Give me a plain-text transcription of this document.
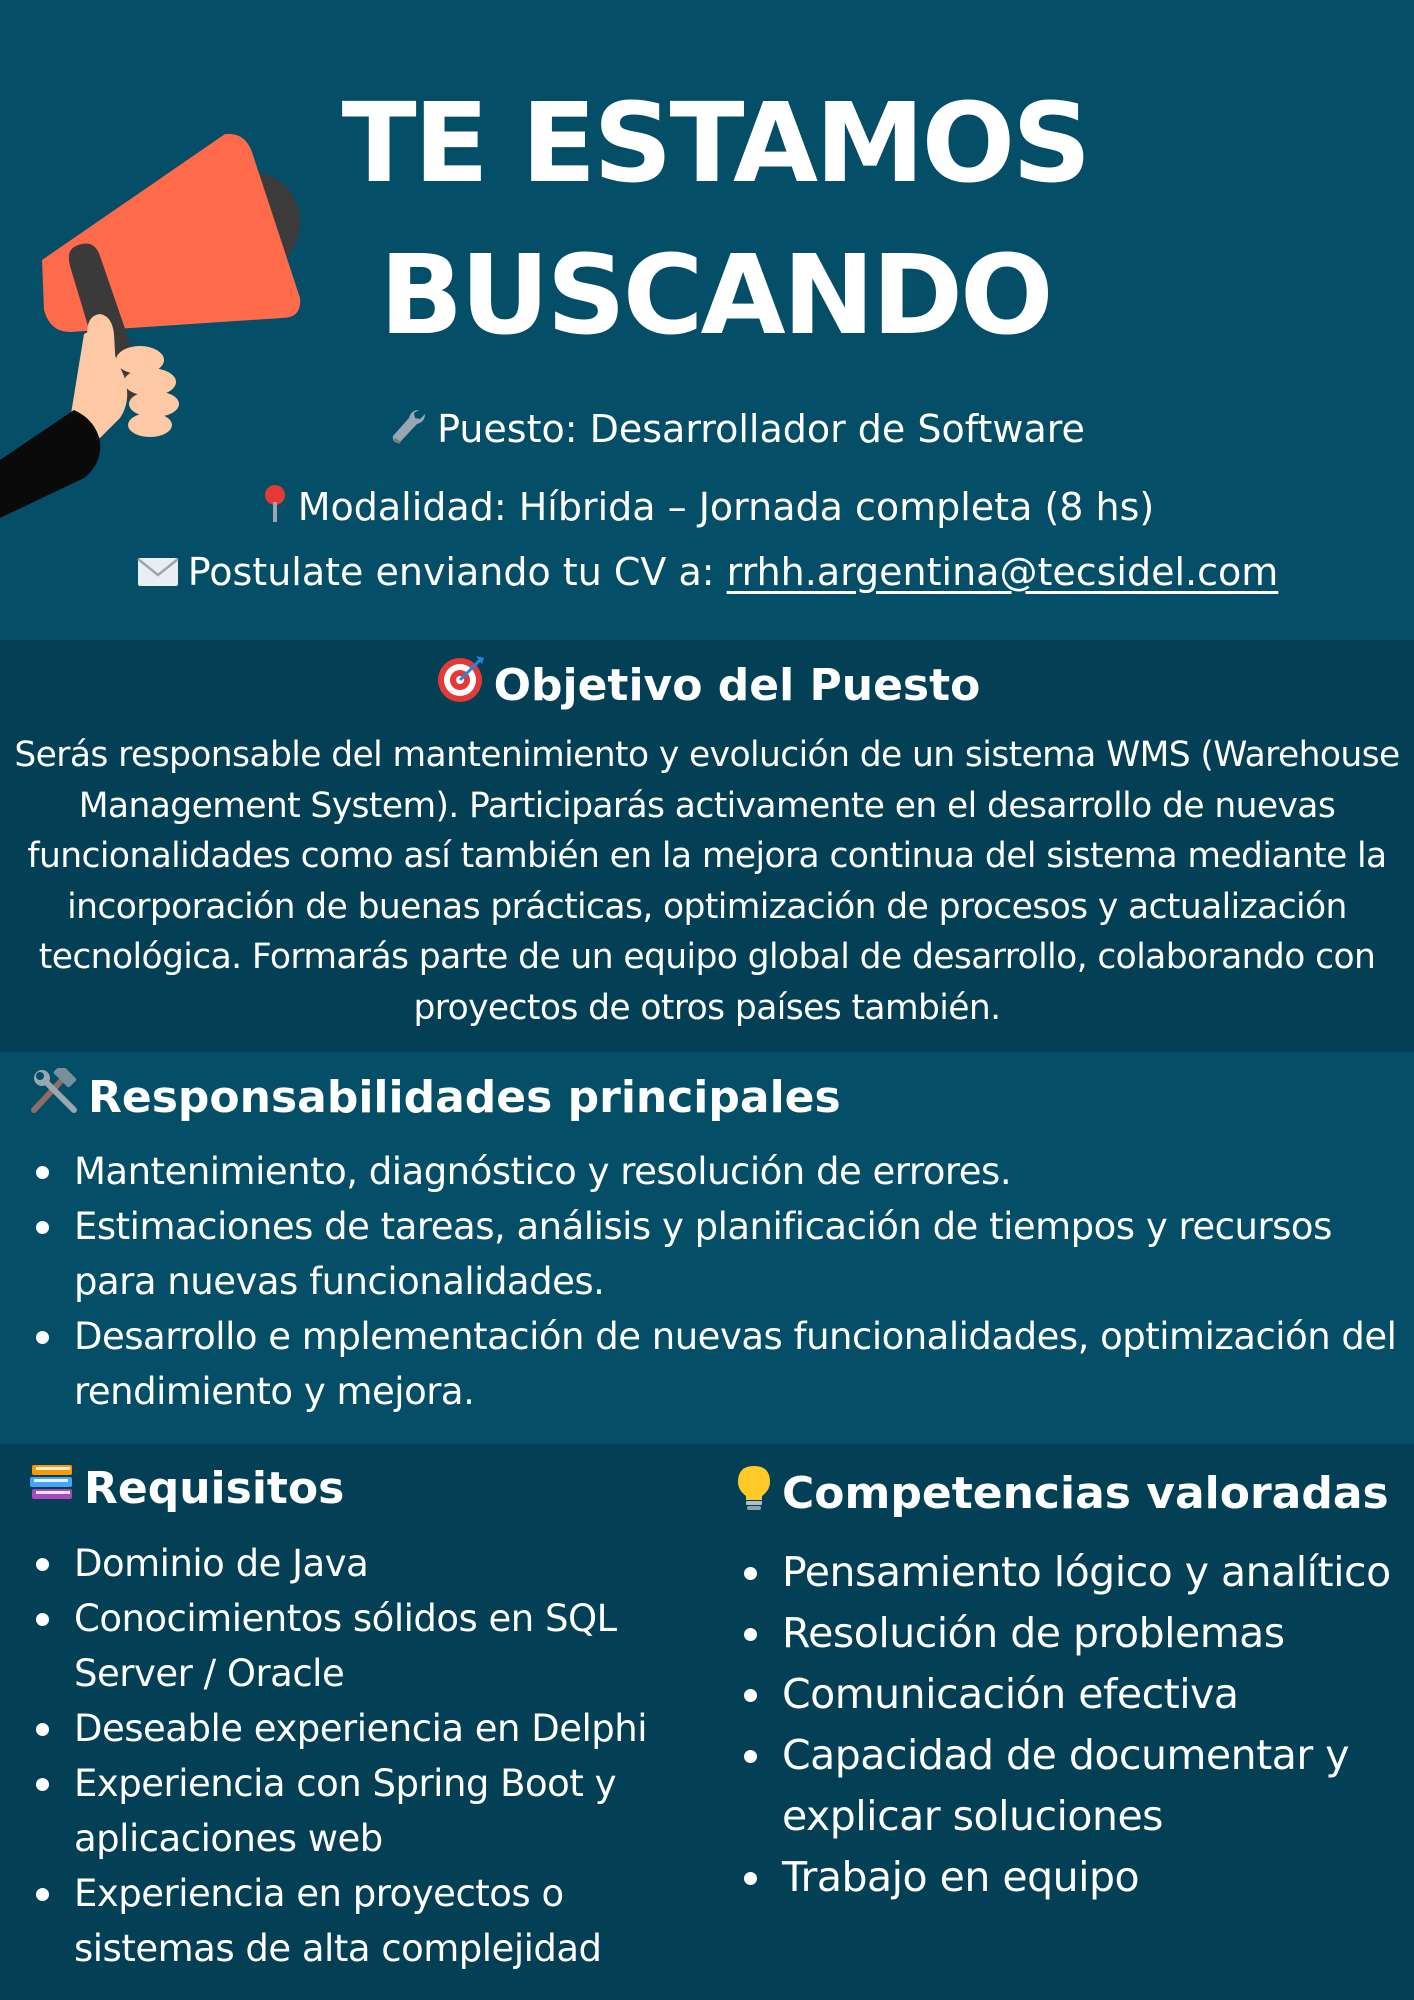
TE ESTAMOS
BUSCANDO
Puesto: Desarrollador de Software
Modalidad: Híbrida – Jornada completa (8 hs)
Postulate enviando tu CV a: rrhh.argentina@tecsidel.com
Objetivo del Puesto

Serás responsable del mantenimiento y evolución de un sistema WMS (Warehouse Management System). Participarás activamente en el desarrollo de nuevas funcionalidades como así también en la mejora continua del sistema mediante la incorporación de buenas prácticas, optimización de procesos y actualización tecnológica. Formarás parte de un equipo global de desarrollo, colaborando con proyectos de otros países también.

Responsabilidades principales
Mantenimiento, diagnóstico y resolución de errores.
Estimaciones de tareas, análisis y planificación de tiempos y recursos para nuevas funcionalidades.
Desarrollo e mplementación de nuevas funcionalidades, optimización del rendimiento y mejora.
Requisitos
Dominio de Java
Conocimientos sólidos en SQL Server / Oracle
Deseable experiencia en Delphi
Experiencia con Spring Boot y aplicaciones web
Experiencia en proyectos o sistemas de alta complejidad
Competencias valoradas
Pensamiento lógico y analítico
Resolución de problemas
Comunicación efectiva
Capacidad de documentar y explicar soluciones
Trabajo en equipo
